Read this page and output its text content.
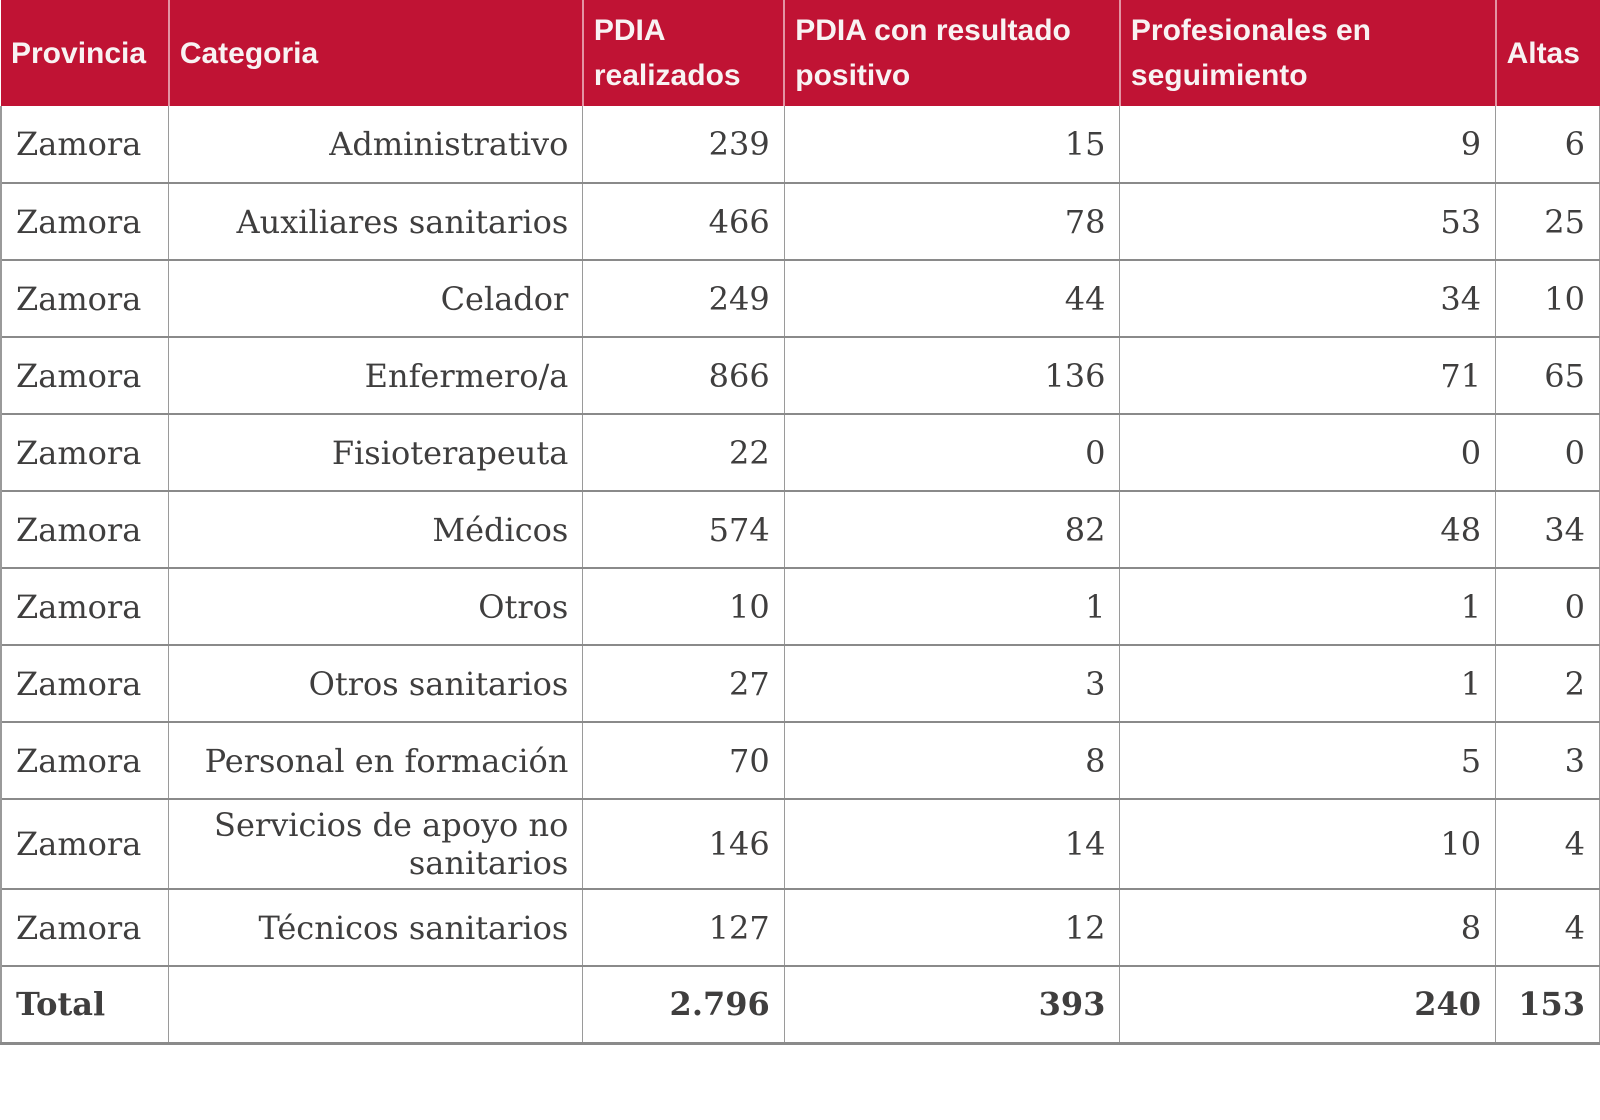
Provincia	Categoria	PDIA realizados	PDIA con resultado positivo	Profesionales en seguimiento	Altas
Zamora	Administrativo	239	15	9	6
Zamora	Auxiliares sanitarios	466	78	53	25
Zamora	Celador	249	44	34	10
Zamora	Enfermero/a	866	136	71	65
Zamora	Fisioterapeuta	22	0	0	0
Zamora	Médicos	574	82	48	34
Zamora	Otros	10	1	1	0
Zamora	Otros sanitarios	27	3	1	2
Zamora	Personal en formación	70	8	5	3
Zamora	Servicios de apoyo no sanitarios	146	14	10	4
Zamora	Técnicos sanitarios	127	12	8	4
Total		2.796	393	240	153
